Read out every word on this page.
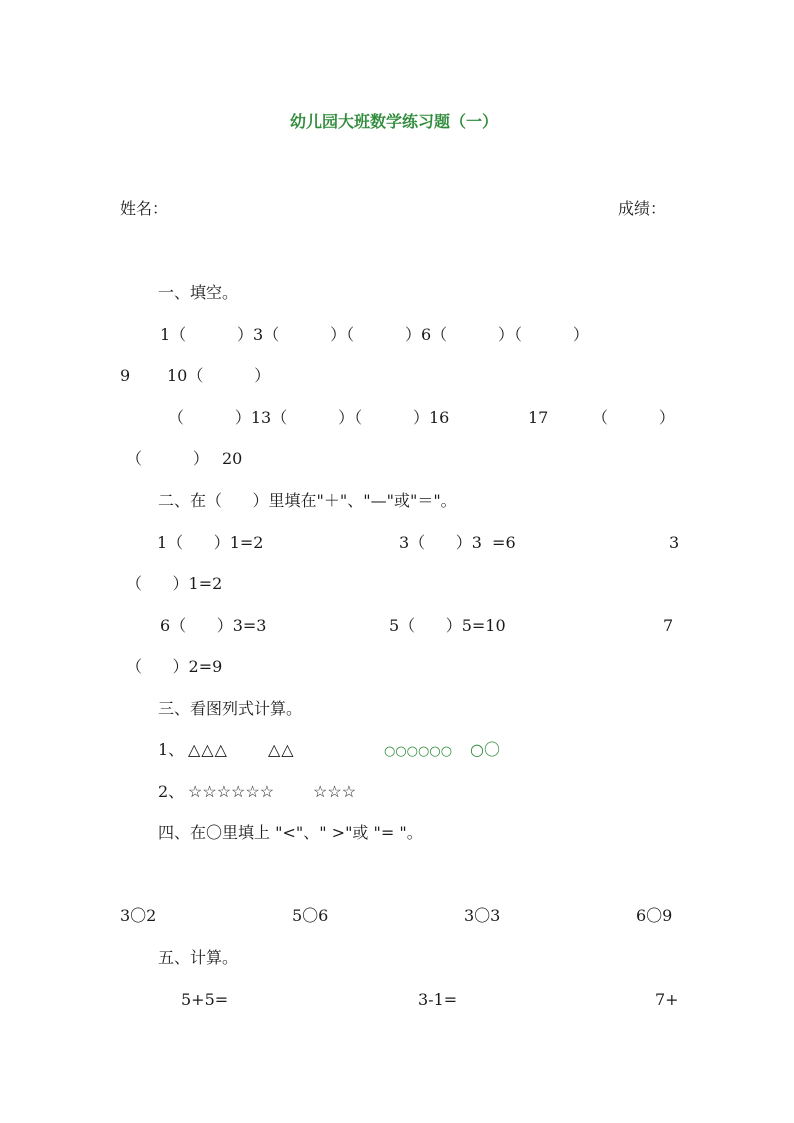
幼儿园大班数学练习题（一）
姓名：	成绩：
一、填空。
1（          ）3（          ）（          ）6（          ）（          ）
9 10（          ）
（          ）13（          ）（          ）16	17	（          ）
（          ） 20
二、在（      ）里填在"＋"、"—"或"＝"。
1（      ）1=2	3（      ）3  =6	3
（      ）1=2
6（      ）3=3	5（      ）5=10	7
（      ）2=9
三、看图列式计算。
1、 △△△	△△	○○○○○○ ○〇
2、 ☆☆☆☆☆☆ ☆☆☆
四、在〇里填上 "<"、" >"或 "= "。
3〇2	5〇6	3〇3	6〇9
五、计算。
5+5=	3-1=	7+
